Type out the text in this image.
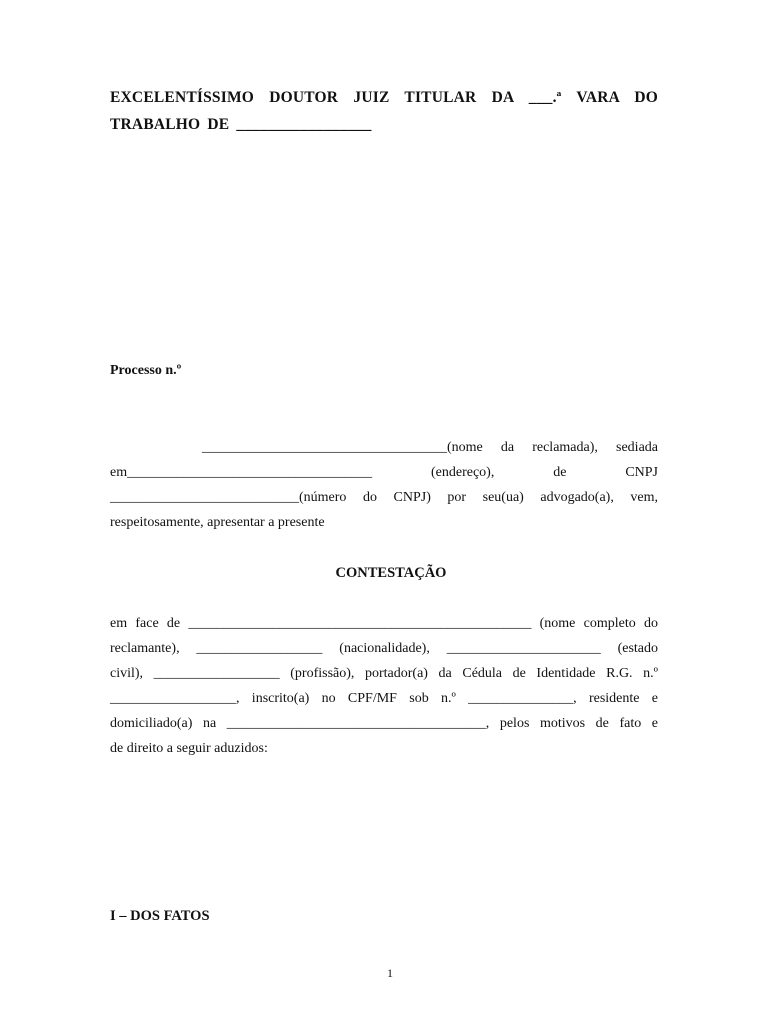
EXCELENTÍSSIMO DOUTOR JUIZ TITULAR DA ___.ª VARA DO
TRABALHO DE _________________
Processo n.º
___________________________________(nome da reclamada), sediada
em___________________________________ (endereço), de CNPJ
___________________________(número do CNPJ) por seu(ua) advogado(a), vem,
respeitosamente, apresentar a presente
CONTESTAÇÃO
em face de _________________________________________________ (nome completo do
reclamante), __________________ (nacionalidade), ______________________ (estado
civil), __________________ (profissão), portador(a) da Cédula de Identidade R.G. n.º
__________________, inscrito(a) no CPF/MF sob n.º _______________, residente e
domiciliado(a) na _____________________________________, pelos motivos de fato e
de direito a seguir aduzidos:
I – DOS FATOS
1
